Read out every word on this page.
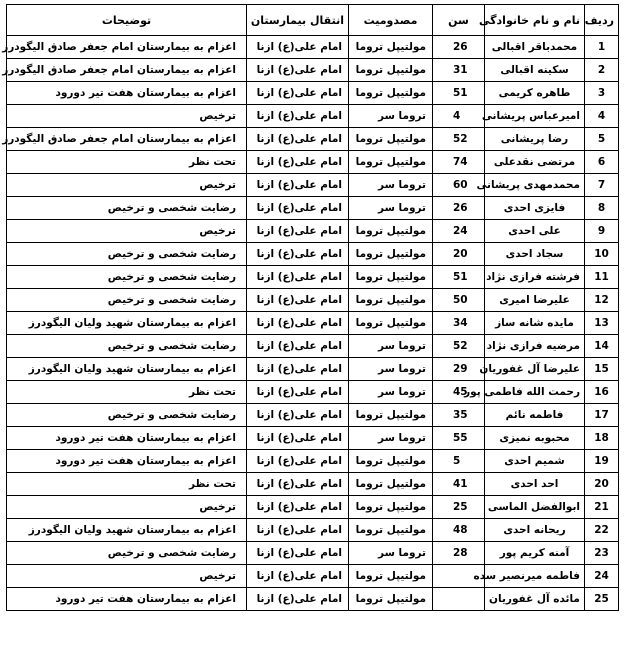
ردیف	نام و نام خانوادگی	سن	مصدومیت	انتقال بیمارستان	توضیحات
1	محمدباقر اقبالی	26	مولتیپل تروما	امام علی(ع) ازنا	اعزام به بیمارستان امام جعفر صادق الیگودرز
2	سکینه اقبالی	31	مولتیپل تروما	امام علی(ع) ازنا	اعزام به بیمارستان امام جعفر صادق الیگودرز
3	طاهره کریمی	51	مولتیپل تروما	امام علی(ع) ازنا	اعزام به بیمارستان هفت تیر دورود
4	امیرعباس پریشانی	4	تروما سر	امام علی(ع) ازنا	ترخیص
5	رضا پریشانی	52	مولتیپل تروما	امام علی(ع) ازنا	اعزام به بیمارستان امام جعفر صادق الیگودرز
6	مرتضی نقدعلی	74	مولتیپل تروما	امام علی(ع) ازنا	تحت نظر
7	محمدمهدی پریشانی	60	تروما سر	امام علی(ع) ازنا	ترخیص
8	فایزی احدی	26	تروما سر	امام علی(ع) ازنا	رضایت شخصی و ترخیص
9	علی احدی	24	مولتیپل تروما	امام علی(ع) ازنا	ترخیص
10	سجاد احدی	20	مولتیپل تروما	امام علی(ع) ازنا	رضایت شخصی و ترخیص
11	فرشته فرازی نژاد	51	مولتیپل تروما	امام علی(ع) ازنا	رضایت شخصی و ترخیص
12	علیرضا امیری	50	مولتیپل تروما	امام علی(ع) ازنا	رضایت شخصی و ترخیص
13	مایده شانه ساز	34	مولتیپل تروما	امام علی(ع) ازنا	اعزام به بیمارستان شهید ولیان الیگودرز
14	مرضیه فرازی نژاد	52	تروما سر	امام علی(ع) ازنا	رضایت شخصی و ترخیص
15	علیرضا آل غفوریان	29	تروما سر	امام علی(ع) ازنا	اعزام به بیمارستان شهید ولیان الیگودرز
16	رحمت الله فاطمی پور	45	تروما سر	امام علی(ع) ازنا	تحت نظر
17	فاطمه نائم	35	مولتیپل تروما	امام علی(ع) ازنا	رضایت شخصی و ترخیص
18	محبوبه نمیزی	55	تروما سر	امام علی(ع) ازنا	اعزام به بیمارستان هفت تیر دورود
19	شمیم احدی	5	مولتیپل تروما	امام علی(ع) ازنا	اعزام به بیمارستان هفت تیر دورود
20	احد احدی	41	مولتیپل تروما	امام علی(ع) ازنا	تحت نظر
21	ابوالفضل الماسی	25	مولتیپل تروما	امام علی(ع) ازنا	ترخیص
22	ریحانه احدی	48	مولتیپل تروما	امام علی(ع) ازنا	اعزام به بیمارستان شهید ولیان الیگودرز
23	آمنه کریم پور	28	تروما سر	امام علی(ع) ازنا	رضایت شخصی و ترخیص
24	فاطمه میرنصیر سده		مولتیپل تروما	امام علی(ع) ازنا	ترخیص
25	مائده آل غفوریان		مولتیپل تروما	امام علی(ع) ازنا	اعزام به بیمارستان هفت تیر دورود
